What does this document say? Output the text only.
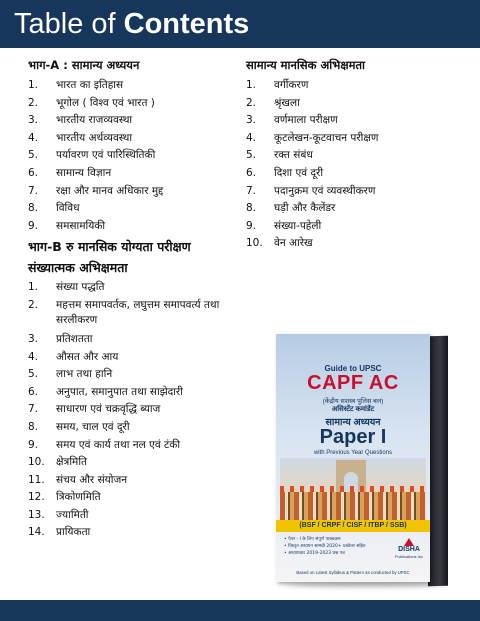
Table of Contents
भाग-A : सामान्य अध्ययन
1. भारत का इतिहास
2. भूगोल ( विश्व एवं भारत )
3. भारतीय राजव्यवस्था
4. भारतीय अर्थव्यवस्था
5. पर्यावरण एवं पारिस्थितिकी
6. सामान्य विज्ञान
7. रक्षा और मानव अधिकार मुद्द
8. विविध
9. समसामयिकी
भाग-B रु मानसिक योग्यता परीक्षण
संख्यात्मक अभिक्षमता
1. संख्या पद्धति
2. महत्तम समापवर्तक, लघुत्तम समापवर्त्य तथा सरलीकरण
3. प्रतिशतता
4. औसत और आय
5. लाभ तथा हानि
6. अनुपात, समानुपात तथा साझेदारी
7. साधारण एवं चक्रवृद्धि ब्याज
8. समय, चाल एवं दूरी
9. समय एवं कार्य तथा नल एवं टंकी
10. क्षेत्रमिति
11. संचय और संयोजन
12. त्रिकोणमिति
13. ज्यामिती
14. प्रायिकता
सामान्य मानसिक अभिक्षमता
1. वर्गीकरण
2. श्रृंखला
3. वर्णमाला परीक्षण
4. कूटलेखन-कूटवाचन परीक्षण
5. रक्त संबंध
6. दिशा एवं दूरी
7. पदानुक्रम एवं व्यवस्थीकरण
8. घड़ी और कैलेंडर
9. संख्या-पहेली
10. वेन आरेख
Guide to UPSC
CAPF AC
(केंद्रीय सशस्त्र पुलिस बल)
असिस्टेंट कमांडेंट
सामान्य अध्ययन
Paper I
with Previous Year Questions
(BSF / CRPF / CISF / ITBP / SSB)
• पेपर - I के लिए संपूर्ण पाठ्यक्रम
• विस्तृत अध्ययन सामग्री 2020+ प्रश्नोत्तर सहित
• अध्यायवार 2019-2023 प्रश्न पत्र
DISHA
Publications Inc
Based on Latest Syllabus & Pattern as conducted by UPSC
